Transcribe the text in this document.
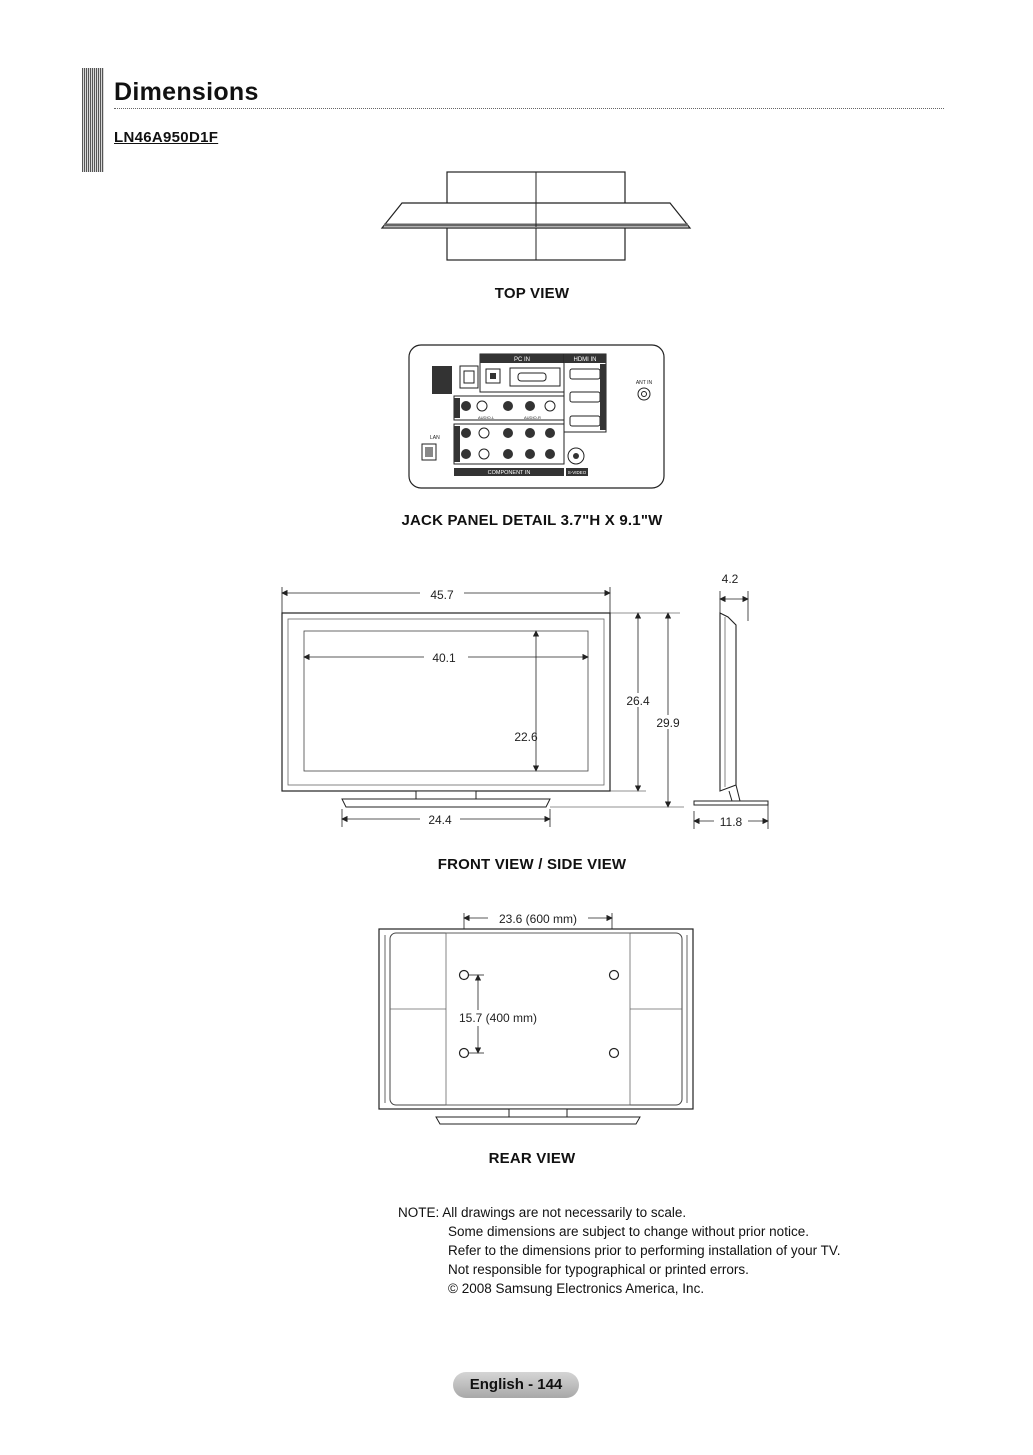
Dimensions
LN46A950D1F
TOP VIEW
PC IN	HDMI IN
ANT IN
COMPONENT IN	S-VIDEO
LAN
AUDIO-L	AUDIO-R
JACK PANEL DETAIL 3.7"H X 9.1"W
45.7
40.1
22.6
24.4
26.4
29.9
4.2
11.8
FRONT VIEW / SIDE VIEW
23.6 (600 mm)
15.7 (400 mm)
REAR VIEW
NOTE: All drawings are not necessarily to scale.
Some dimensions are subject to change without prior notice.
Refer to the dimensions prior to performing installation of your TV.
Not responsible for typographical or printed errors.
© 2008 Samsung Electronics America, Inc.
English - 144
